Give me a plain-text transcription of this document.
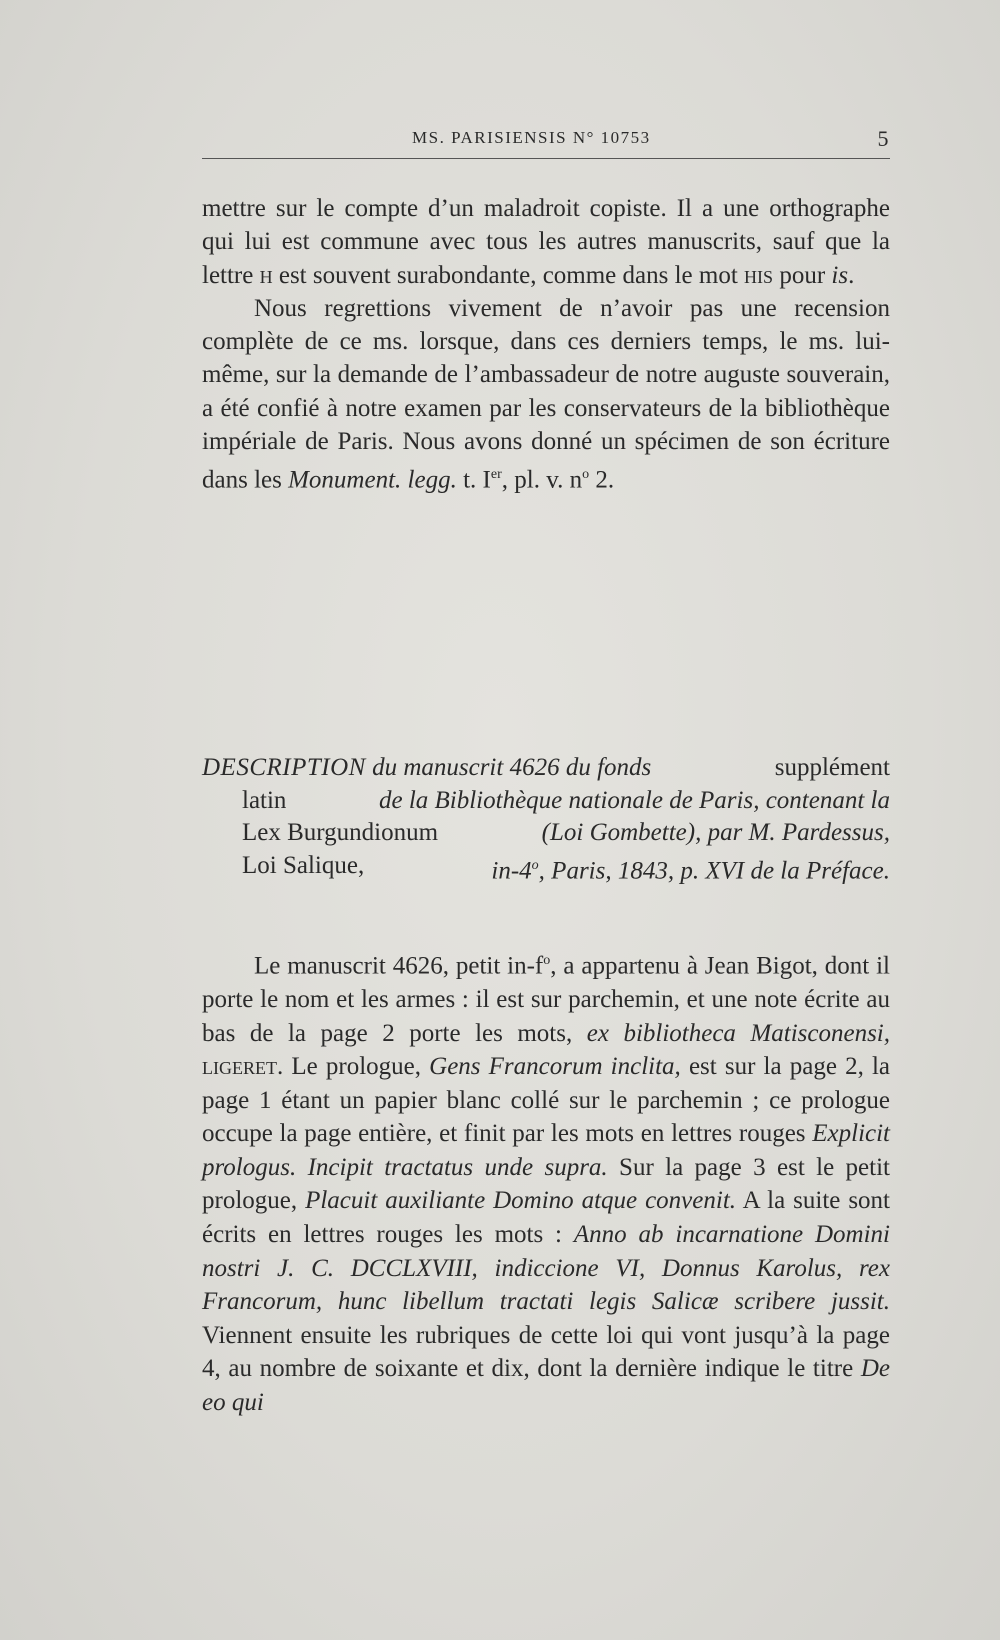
MS. PARISIENSIS N° 10753	5

mettre sur le compte d’un maladroit copiste. Il a une orthographe qui lui est commune avec tous les autres manuscrits, sauf que la lettre h est souvent surabondante, comme dans le mot his pour is.

Nous regrettions vivement de n’avoir pas une recension complète de ce ms. lorsque, dans ces derniers temps, le ms. lui-même, sur la demande de l’ambassadeur de notre auguste souverain, a été confié à notre examen par les conservateurs de la bibliothèque impériale de Paris. Nous avons donné un spécimen de son écriture dans les Monument. legg. t. Ier, pl. v. $n^o$ 2.

DESCRIPTION du manuscrit 4626 du fonds	supplément
latin	de la Bibliothèque nationale de Paris, contenant la
Lex Burgundionum	(Loi Gombette), par M. Pardessus,
Loi Salique,	in-4$^o$, Paris, 1843, p. XVI de la Préface.

Le manuscrit 4626, petit $in-f^o$, a appartenu à Jean Bigot, dont il porte le nom et les armes : il est sur parchemin, et une note écrite au bas de la page 2 porte les mots, ex bibliotheca Matisconensi, ligeret. Le prologue, Gens Francorum inclita, est sur la page 2, la page 1 étant un papier blanc collé sur le parchemin ; ce prologue occupe la page entière, et finit par les mots en lettres rouges Explicit prologus. Incipit tractatus unde supra. Sur la page 3 est le petit prologue, Placuit auxiliante Domino atque convenit. A la suite sont écrits en lettres rouges les mots : Anno ab incarnatione Domini nostri J. C. DCCLXVIII, indiccione VI, Donnus Karolus, rex Francorum, hunc libellum tractati legis Salicæ scribere jussit. Viennent ensuite les rubriques de cette loi qui vont jusqu’à la page 4, au nombre de soixante et dix, dont la dernière indique le titre De eo qui
